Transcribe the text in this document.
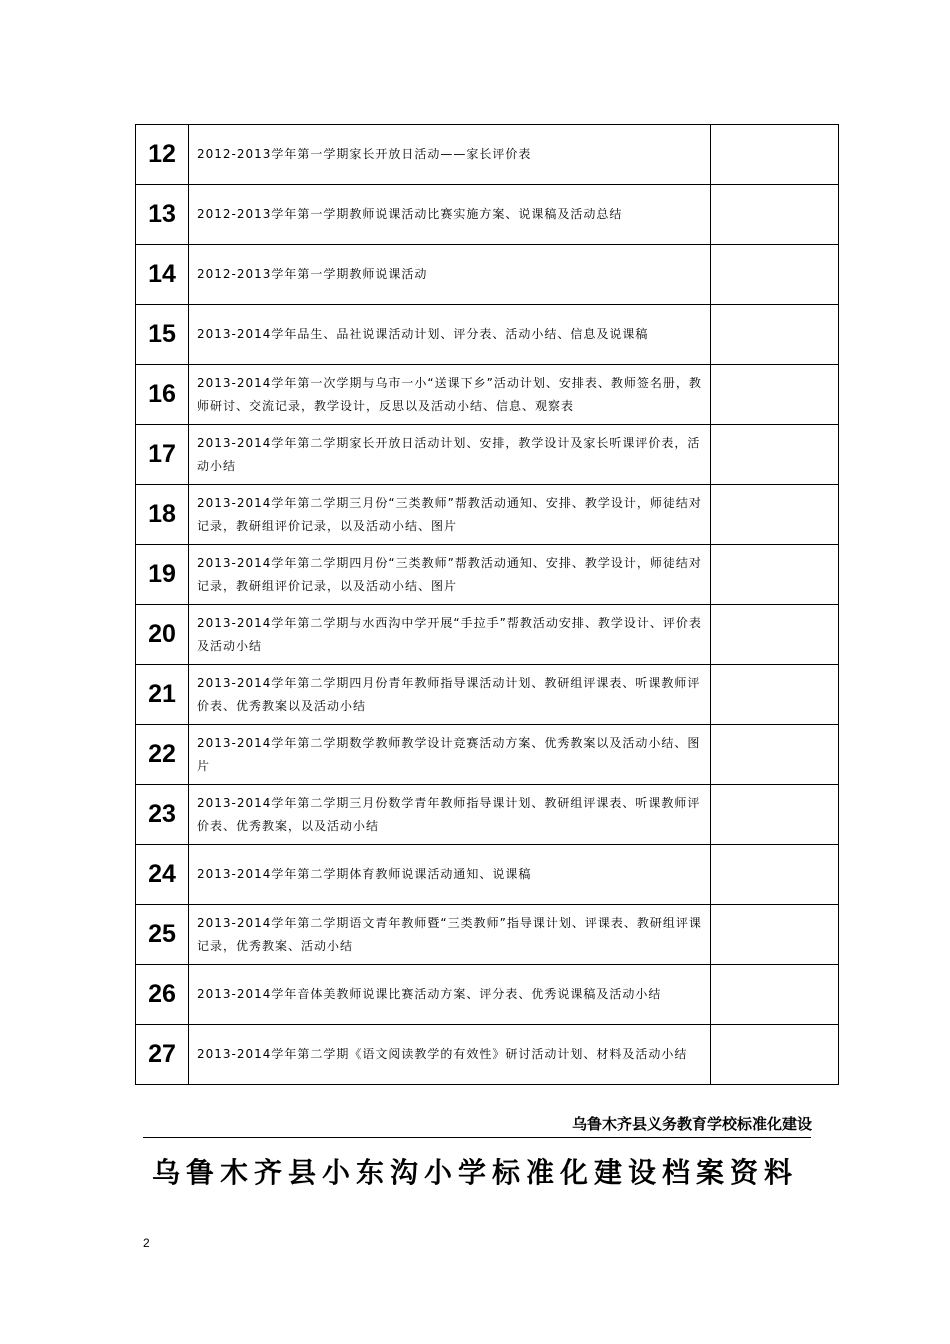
12	2012-2013学年第一学期家长开放日活动——家长评价表	
13	2012-2013学年第一学期教师说课活动比赛实施方案、说课稿及活动总结	
14	2012-2013学年第一学期教师说课活动	
15	2013-2014学年品生、品社说课活动计划、评分表、活动小结、信息及说课稿	
16	2013-2014学年第一次学期与乌市一小“送课下乡”活动计划、安排表、教师签名册，教师研讨、交流记录，教学设计，反思以及活动小结、信息、观察表	
17	2013-2014学年第二学期家长开放日活动计划、安排，教学设计及家长听课评价表，活动小结	
18	2013-2014学年第二学期三月份“三类教师”帮教活动通知、安排、教学设计，师徒结对记录，教研组评价记录，以及活动小结、图片	
19	2013-2014学年第二学期四月份“三类教师”帮教活动通知、安排、教学设计，师徒结对记录，教研组评价记录，以及活动小结、图片	
20	2013-2014学年第二学期与水西沟中学开展“手拉手”帮教活动安排、教学设计、评价表及活动小结	
21	2013-2014学年第二学期四月份青年教师指导课活动计划、教研组评课表、听课教师评价表、优秀教案以及活动小结	
22	2013-2014学年第二学期数学教师教学设计竞赛活动方案、优秀教案以及活动小结、图片	
23	2013-2014学年第二学期三月份数学青年教师指导课计划、教研组评课表、听课教师评价表、优秀教案，以及活动小结	
24	2013-2014学年第二学期体育教师说课活动通知、说课稿	
25	2013-2014学年第二学期语文青年教师暨“三类教师”指导课计划、评课表、教研组评课记录，优秀教案、活动小结	
26	2013-2014学年音体美教师说课比赛活动方案、评分表、优秀说课稿及活动小结	
27	2013-2014学年第二学期《语文阅读教学的有效性》研讨活动计划、材料及活动小结	
乌鲁木齐县义务教育学校标准化建设
乌鲁木齐县小东沟小学标准化建设档案资料
2
